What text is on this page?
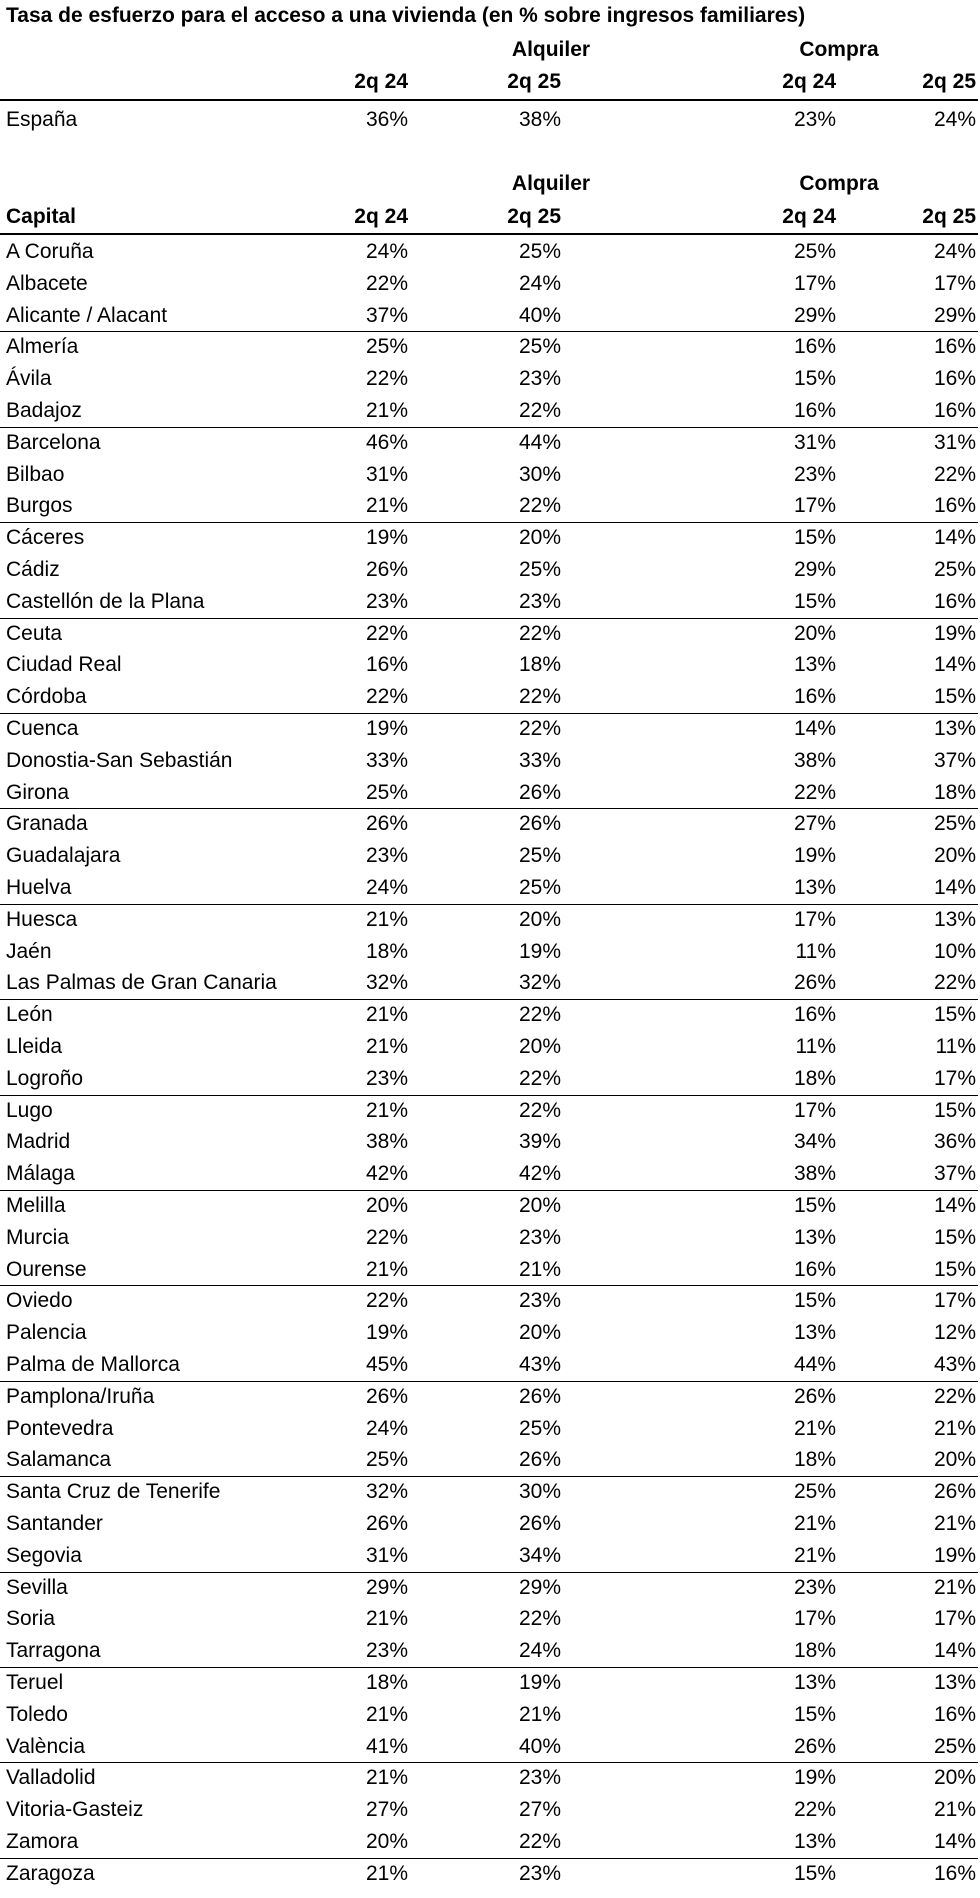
Tasa de esfuerzo para el acceso a una vivienda (en % sobre ingresos familiares)
Alquiler	Compra
2q 24	2q 25	2q 24	2q 25
España	36%	38%	23%	24%
Alquiler	Compra
Capital	2q 24	2q 25	2q 24	2q 25
A Coruña	24%	25%	25%	24%
Albacete	22%	24%	17%	17%
Alicante / Alacant	37%	40%	29%	29%
Almería	25%	25%	16%	16%
Ávila	22%	23%	15%	16%
Badajoz	21%	22%	16%	16%
Barcelona	46%	44%	31%	31%
Bilbao	31%	30%	23%	22%
Burgos	21%	22%	17%	16%
Cáceres	19%	20%	15%	14%
Cádiz	26%	25%	29%	25%
Castellón de la Plana	23%	23%	15%	16%
Ceuta	22%	22%	20%	19%
Ciudad Real	16%	18%	13%	14%
Córdoba	22%	22%	16%	15%
Cuenca	19%	22%	14%	13%
Donostia-San Sebastián	33%	33%	38%	37%
Girona	25%	26%	22%	18%
Granada	26%	26%	27%	25%
Guadalajara	23%	25%	19%	20%
Huelva	24%	25%	13%	14%
Huesca	21%	20%	17%	13%
Jaén	18%	19%	11%	10%
Las Palmas de Gran Canaria	32%	32%	26%	22%
León	21%	22%	16%	15%
Lleida	21%	20%	11%	11%
Logroño	23%	22%	18%	17%
Lugo	21%	22%	17%	15%
Madrid	38%	39%	34%	36%
Málaga	42%	42%	38%	37%
Melilla	20%	20%	15%	14%
Murcia	22%	23%	13%	15%
Ourense	21%	21%	16%	15%
Oviedo	22%	23%	15%	17%
Palencia	19%	20%	13%	12%
Palma de Mallorca	45%	43%	44%	43%
Pamplona/Iruña	26%	26%	26%	22%
Pontevedra	24%	25%	21%	21%
Salamanca	25%	26%	18%	20%
Santa Cruz de Tenerife	32%	30%	25%	26%
Santander	26%	26%	21%	21%
Segovia	31%	34%	21%	19%
Sevilla	29%	29%	23%	21%
Soria	21%	22%	17%	17%
Tarragona	23%	24%	18%	14%
Teruel	18%	19%	13%	13%
Toledo	21%	21%	15%	16%
València	41%	40%	26%	25%
Valladolid	21%	23%	19%	20%
Vitoria-Gasteiz	27%	27%	22%	21%
Zamora	20%	22%	13%	14%
Zaragoza	21%	23%	15%	16%
